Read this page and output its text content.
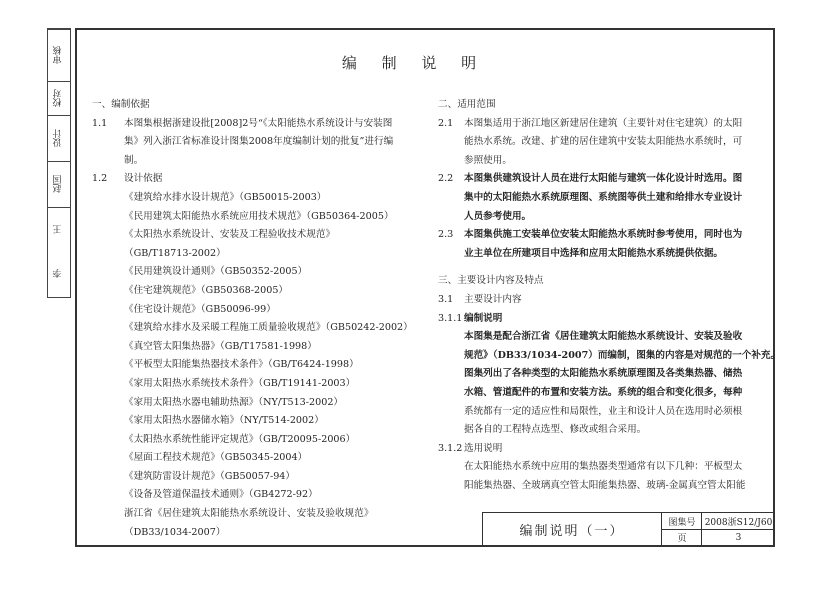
审核
校对
设计
赵国
王
李
编 制 说 明
一、 编制依据
1.1	本图集根据浙建设批[2008]2号“《太阳能热水系统设计与安装图
集》列入浙江省标准设计图集2008年度编制计划的批复”进行编
制。
1.2	设计依据
《建筑给水排水设计规范》（GB50015-2003）
《民用建筑太阳能热水系统应用技术规范》（GB50364-2005）
《太阳热水系统设计、安装及工程验收技术规范》
（GB/T18713-2002）
《民用建筑设计通则》（GB50352-2005）
《住宅建筑规范》（GB50368-2005）
《住宅设计规范》（GB50096-99）
《建筑给水排水及采暖工程施工质量验收规范》（GB50242-2002）
《真空管太阳集热器》（GB/T17581-1998）
《平板型太阳能集热器技术条件》（GB/T6424-1998）
《家用太阳热水系统技术条件》（GB/T19141-2003）
《家用太阳热水器电辅助热源》（NY/T513-2002）
《家用太阳热水器储水箱》（NY/T514-2002）
《太阳热水系统性能评定规范》（GB/T20095-2006）
《屋面工程技术规范》（GB50345-2004）
《建筑防雷设计规范》（GB50057-94）
《设备及管道保温技术通则》（GB4272-92）
浙江省《居住建筑太阳能热水系统设计、安装及验收规范》
（DB33/1034-2007）
二、 适用范围
2.1	本图集适用于浙江地区新建居住建筑（主要针对住宅建筑）的太阳
能热水系统。改建、扩建的居住建筑中安装太阳能热水系统时，可
参照使用。
2.2	本图集供建筑设计人员在进行太阳能与建筑一体化设计时选用。图
集中的太阳能热水系统原理图、系统图等供土建和给排水专业设计
人员参考使用。
2.3	本图集供施工安装单位安装太阳能热水系统时参考使用，同时也为
业主单位在所建项目中选择和应用太阳能热水系统提供依据。
三、 主要设计内容及特点
3.1	主要设计内容
3.1.1 编制说明
本图集是配合浙江省《居住建筑太阳能热水系统设计、安装及验收
规范》（DB33/1034-2007）而编制，图集的内容是对规范的一个补充。
图集列出了各种类型的太阳能热水系统原理图及各类集热器、储热
水箱、管道配件的布置和安装方法。系统的组合和变化很多，每种
系统都有一定的适应性和局限性，业主和设计人员在选用时必须根
据各自的工程特点选型、修改或组合采用。
3.1.2 选用说明
在太阳能热水系统中应用的集热器类型通常有以下几种：平板型太
阳能集热器、全玻璃真空管太阳能集热器、玻璃-金属真空管太阳能
编制说明（一）
图集号	2008浙S12/J60
页	3
